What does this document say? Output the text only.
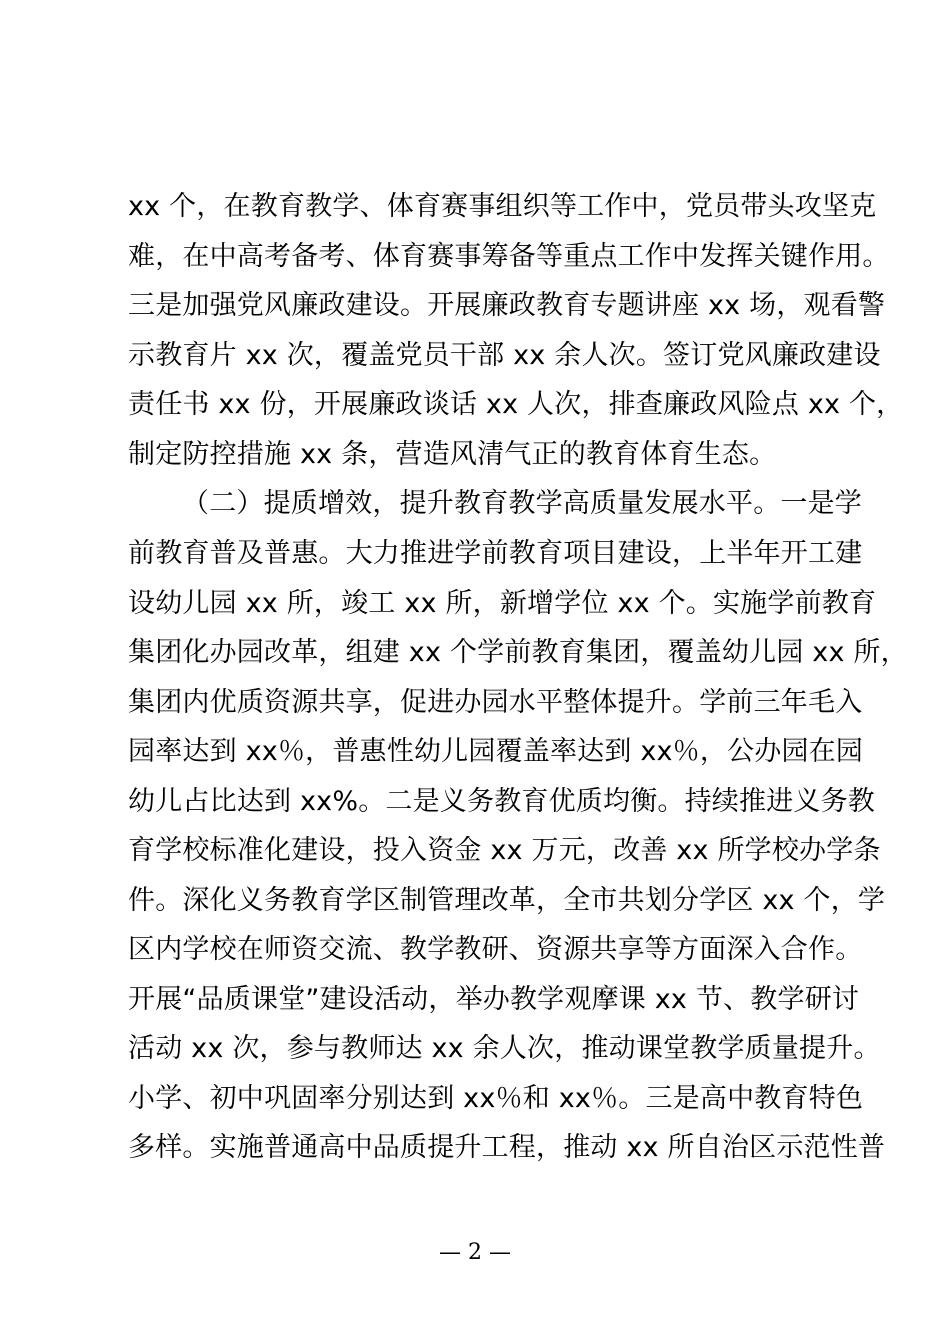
xx 个，在教育教学、体育赛事组织等工作中，党员带头攻坚克
难，在中高考备考、体育赛事筹备等重点工作中发挥关键作用。
三是加强党风廉政建设。开展廉政教育专题讲座 xx 场，观看警
示教育片 xx 次，覆盖党员干部 xx 余人次。签订党风廉政建设
责任书 xx 份，开展廉政谈话 xx 人次，排查廉政风险点 xx 个，
制定防控措施 xx 条，营造风清气正的教育体育生态。
（二）提质增效，提升教育教学高质量发展水平。一是学
前教育普及普惠。大力推进学前教育项目建设，上半年开工建
设幼儿园 xx 所，竣工 xx 所，新增学位 xx 个。实施学前教育
集团化办园改革，组建 xx 个学前教育集团，覆盖幼儿园 xx 所，
集团内优质资源共享，促进办园水平整体提升。学前三年毛入
园率达到 xx％，普惠性幼儿园覆盖率达到 xx％，公办园在园
幼儿占比达到 xx%。二是义务教育优质均衡。持续推进义务教
育学校标准化建设，投入资金 xx 万元，改善 xx 所学校办学条
件。深化义务教育学区制管理改革，全市共划分学区 xx 个，学
区内学校在师资交流、教学教研、资源共享等方面深入合作。
开展“品质课堂”建设活动，举办教学观摩课 xx 节、教学研讨
活动 xx 次，参与教师达 xx 余人次，推动课堂教学质量提升。
小学、初中巩固率分别达到 xx％和 xx％。三是高中教育特色
多样。实施普通高中品质提升工程，推动 xx 所自治区示范性普
— 2 —
